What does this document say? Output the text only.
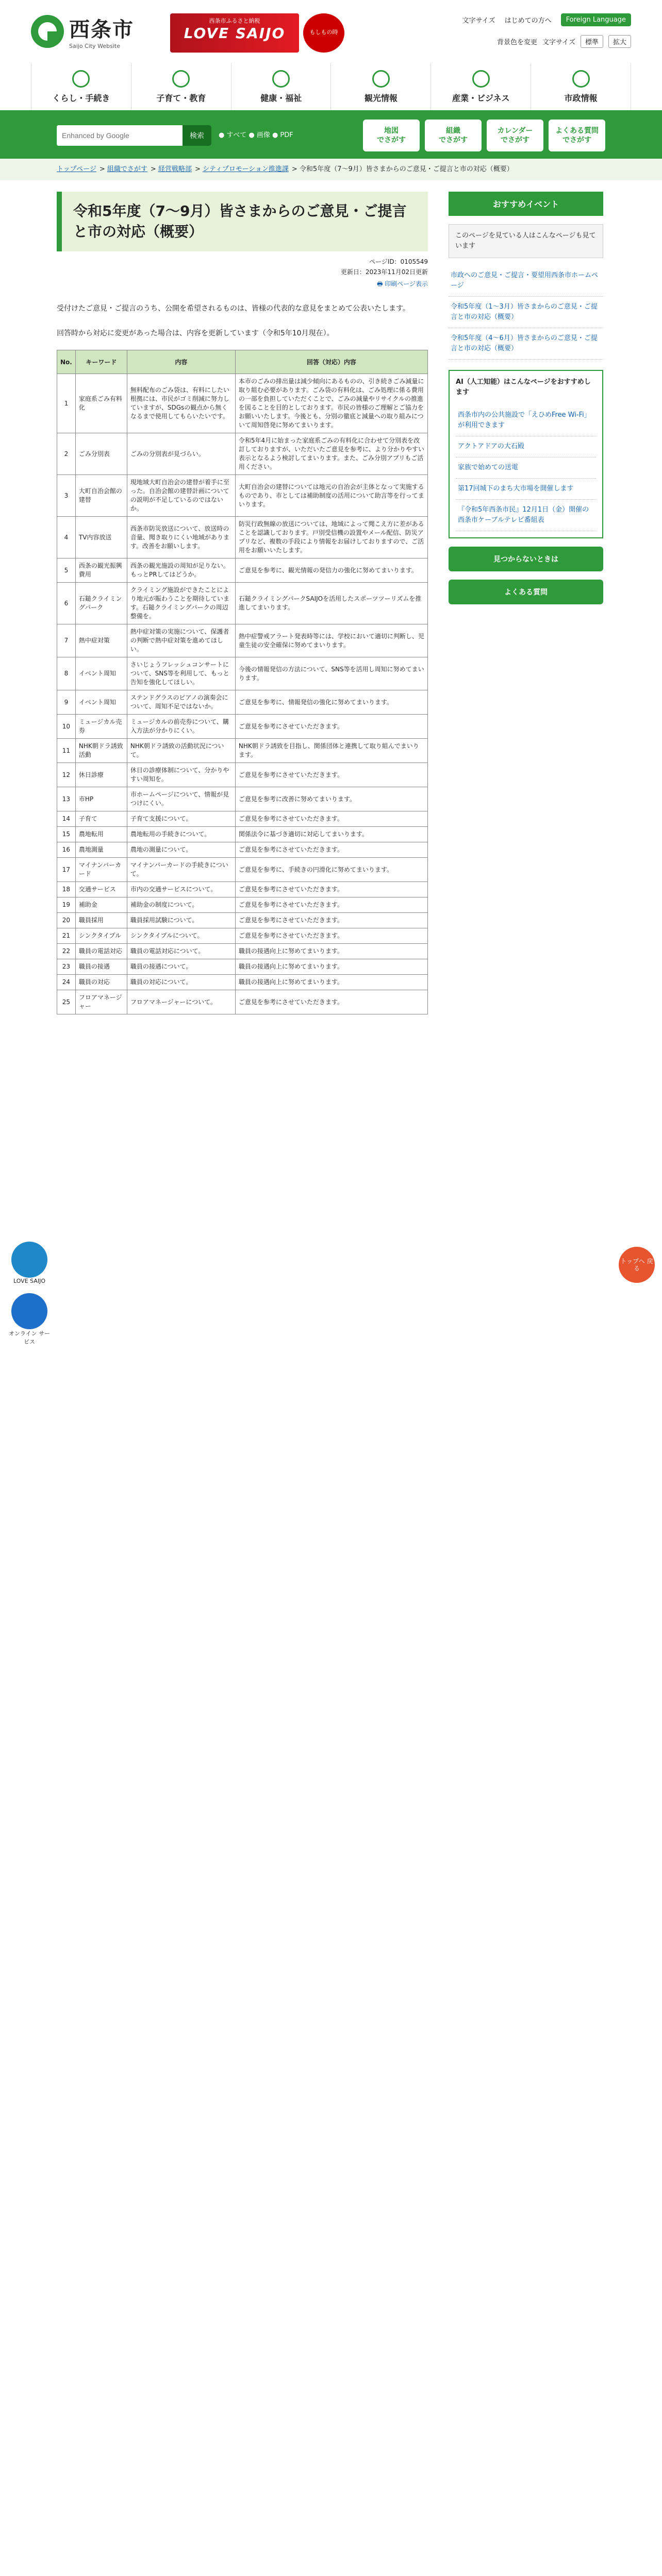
西条市
Saijo City Website
西条市ふるさと納税
LOVE SAIJO	もしもの時
文字サイズ はじめての方へ	Foreign Language
背景色を変更 文字サイズ	標準	拡大
くらし・手続き	子育て・教育	健康・福祉	観光情報	産業・ビジネス	市政情報
Enhanced by Google
検索	● すべて ● 画像 ● PDF
地図
でさがす
組織
でさがす
カレンダー
でさがす
よくある質問
でさがす
トップページ > 組織でさがす > 経営戦略部 > シティプロモーション推進課 > 令和5年度（7～9月）皆さまからのご意見・ご提言と市の対応（概要）
令和5年度（7～9月）皆さまからのご意見・ご提言と市の対応（概要）
ページID：0105549
更新日：2023年11月02日更新
🖶 印刷ページ表示

受付けたご意見・ご提言のうち、公開を希望されるものは、皆様の代表的な意見をまとめて公表いたします。

回答時から対応に変更があった場合は、内容を更新しています（令和5年10月現在）。

No.	キーワード	内容	回答（対応）内容
1	家庭系ごみ有料化	無料配布のごみ袋は、有料にしたい根拠には、市民がゴミ削減に努力していますが、SDGsの観点から無くなるまで使用してもらいたいです。	本市のごみの排出量は減少傾向にあるものの、引き続きごみ減量に取り組む必要があります。ごみ袋の有料化は、ごみ処理に係る費用の一部を負担していただくことで、ごみの減量やリサイクルの推進を図ることを目的としております。市民の皆様のご理解とご協力をお願いいたします。今後とも、分別の徹底と減量への取り組みについて周知啓発に努めてまいります。
2	ごみ分別表	ごみの分別表が見づらい。	令和5年4月に始まった家庭系ごみの有料化に合わせて分別表を改訂しておりますが、いただいたご意見を参考に、より分かりやすい表示となるよう検討してまいります。また、ごみ分別アプリもご活用ください。
3	大町自治会館の建替	現地域大町自治会の建替が着手に至った。自治会館の建替計画についての説明が不足しているのではないか。	大町自治会の建替については地元の自治会が主体となって実施するものであり、市としては補助制度の活用について助言等を行ってまいります。
4	TV内容放送	西条市防災放送について、放送時の音量、聞き取りにくい地域があります。改善をお願いします。	防災行政無線の放送については、地域によって聞こえ方に差があることを認識しております。戸別受信機の設置やメール配信、防災アプリなど、複数の手段により情報をお届けしておりますので、ご活用をお願いいたします。
5	西条の観光振興費用	西条の観光施設の周知が足りない。もっとPRしてはどうか。	ご意見を参考に、観光情報の発信力の強化に努めてまいります。
6	石鎚クライミングパーク	クライミング施設ができたことにより地元が賑わうことを期待しています。石鎚クライミングパークの周辺整備を。	石鎚クライミングパークSAIJOを活用したスポーツツーリズムを推進してまいります。
7	熱中症対策	熱中症対策の実施について、保護者の判断で熱中症対策を進めてほしい。	熱中症警戒アラート発表時等には、学校において適切に判断し、児童生徒の安全確保に努めてまいります。
8	イベント周知	さいじょうフレッシュコンサートについて、SNS等を利用して、もっと告知を強化してほしい。	今後の情報発信の方法について、SNS等を活用し周知に努めてまいります。
9	イベント周知	ステンドグラスのピアノの演奏会について、周知不足ではないか。	ご意見を参考に、情報発信の強化に努めてまいります。
10	ミュージカル売券	ミュージカルの前売券について、購入方法が分かりにくい。	ご意見を参考にさせていただきます。
11	NHK朝ドラ誘致活動	NHK朝ドラ誘致の活動状況について。	NHK朝ドラ誘致を目指し、関係団体と連携して取り組んでまいります。
12	休日診療	休日の診療体制について、分かりやすい周知を。	ご意見を参考にさせていただきます。
13	市HP	市ホームページについて、情報が見つけにくい。	ご意見を参考に改善に努めてまいります。
14	子育て	子育て支援について。	ご意見を参考にさせていただきます。
15	農地転用	農地転用の手続きについて。	関係法令に基づき適切に対応してまいります。
16	農地測量	農地の測量について。	ご意見を参考にさせていただきます。
17	マイナンバーカード	マイナンバーカードの手続きについて。	ご意見を参考に、手続きの円滑化に努めてまいります。
18	交通サービス	市内の交通サービスについて。	ご意見を参考にさせていただきます。
19	補助金	補助金の制度について。	ご意見を参考にさせていただきます。
20	職員採用	職員採用試験について。	ご意見を参考にさせていただきます。
21	シンクタイプル	シンクタイプルについて。	ご意見を参考にさせていただきます。
22	職員の電話対応	職員の電話対応について。	職員の接遇向上に努めてまいります。
23	職員の接遇	職員の接遇について。	職員の接遇向上に努めてまいります。
24	職員の対応	職員の対応について。	職員の接遇向上に努めてまいります。
25	フロアマネージャー	フロアマネージャーについて。	ご意見を参考にさせていただきます。
おすすめイベント
このページを見ている人はこんなページも見ています
市政へのご意見・ご提言・要望用西条市ホームページ
令和5年度（1～3月）皆さまからのご意見・ご提言と市の対応（概要）
令和5年度（4～6月）皆さまからのご意見・ご提言と市の対応（概要）
AI（人工知能）はこんなページをおすすめします
西条市内の公共施設で「えひめFree Wi-Fi」が利用できます
アクトアドアの大石殿
家族で始めての送電
第17回城下のまち大市場を開催します
『令和5年西条市民』12月1日（金）開催の西条市ケーブルテレビ番組表
見つからないときは
よくある質問
LOVE SAIJO
オンライン サービス
トップへ 戻る
